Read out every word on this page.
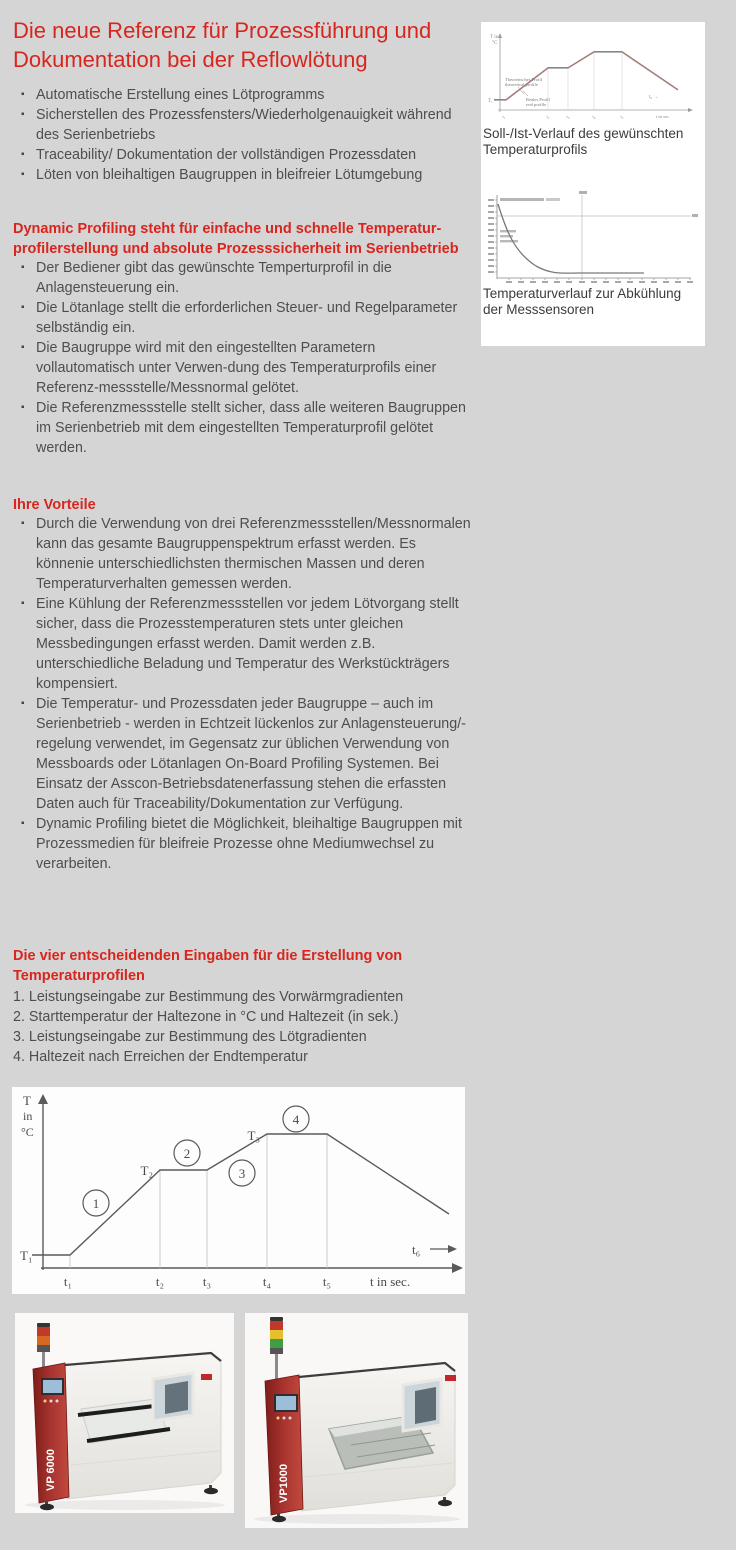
Die neue Referenz für Prozessführung und
Dokumentation bei der Reflowlötung
▪ Automatische Erstellung eines Lötprogramms
▪ Sicherstellen des Prozessfensters/Wiederholgenauigkeit während des Serienbetriebs
▪ Traceability/ Dokumentation der vollständigen Prozessdaten
▪ Löten von bleihaltigen Baugruppen in bleifreier Lötumgebung
Dynamic Profiling steht für einfache und schnelle Temperatur-
profilerstellung und absolute Prozesssicherheit im Serienbetrieb
▪ Der Bediener gibt das gewünschte Temperturprofil in die Anlagensteuerung ein.
▪ Die Lötanlage stellt die erforderlichen Steuer- und Regelparameter selbständig ein.
▪ Die Baugruppe wird mit den eingestellten Parametern vollautomatisch unter Verwen-dung des Temperaturprofils einer Referenz-messstelle/Messnormal gelötet.
▪ Die Referenzmessstelle stellt sicher, dass alle weiteren Baugruppen im Serienbetrieb mit dem eingestellten Temperaturprofil gelötet werden.
Ihre Vorteile
▪ Durch die Verwendung von drei Referenzmessstellen/Messnormalen kann das gesamte Baugruppenspektrum erfasst werden. Es könnenie unterschiedlichsten thermischen Massen und deren Temperaturverhalten gemessen werden.
▪ Eine Kühlung der Referenzmessstellen vor jedem Lötvorgang stellt sicher, dass die Prozesstemperaturen stets unter gleichen Messbedingungen erfasst werden. Damit werden z.B. unterschiedliche Beladung und Temperatur des Werkstückträgers kompensiert.
▪ Die Temperatur- und Prozessdaten jeder Baugruppe – auch im Serienbetrieb - werden in Echtzeit lückenlos zur Anlagensteuerung/-regelung verwendet, im Gegensatz zur üblichen Verwendung von Messboards oder Lötanlagen On-Board Profiling Systemen. Bei Einsatz der Asscon-Betriebsdatenerfassung stehen die erfassten Daten auch für Traceability/Dokumentation zur Verfügung.
▪ Dynamic Profiling bietet die Möglichkeit, bleihaltige Baugruppen mit Prozessmedien für bleifreie Prozesse ohne Mediumwechsel zu verarbeiten.
Die vier entscheidenden Eingaben für die Erstellung von
Temperaturprofilen
1. Leistungseingabe zur Bestimmung des Vorwärmgradienten
2. Starttemperatur der Haltezone in °C und Haltezeit (in sek.)
3. Leistungseingabe zur Bestimmung des Lötgradienten
4. Haltezeit nach Erreichen der Endtemperatur
T in
°C
Theoretisches Profil
theoretical profile
Reales Profil
real profile
T₁
t₆ →
t₁	t₂	t₃	t₄	t₅	t in sec
Soll-/Ist-Verlauf des gewünschten
Temperaturprofils
Temperaturverlauf zur Abkühlung
der Messsensoren
T
in
°C
T₁
T₂
T₃
1
2
3
4
t₆
t₁	t₂	t₃	t₄	t₅	t in sec.
VP 6000	VP1000
